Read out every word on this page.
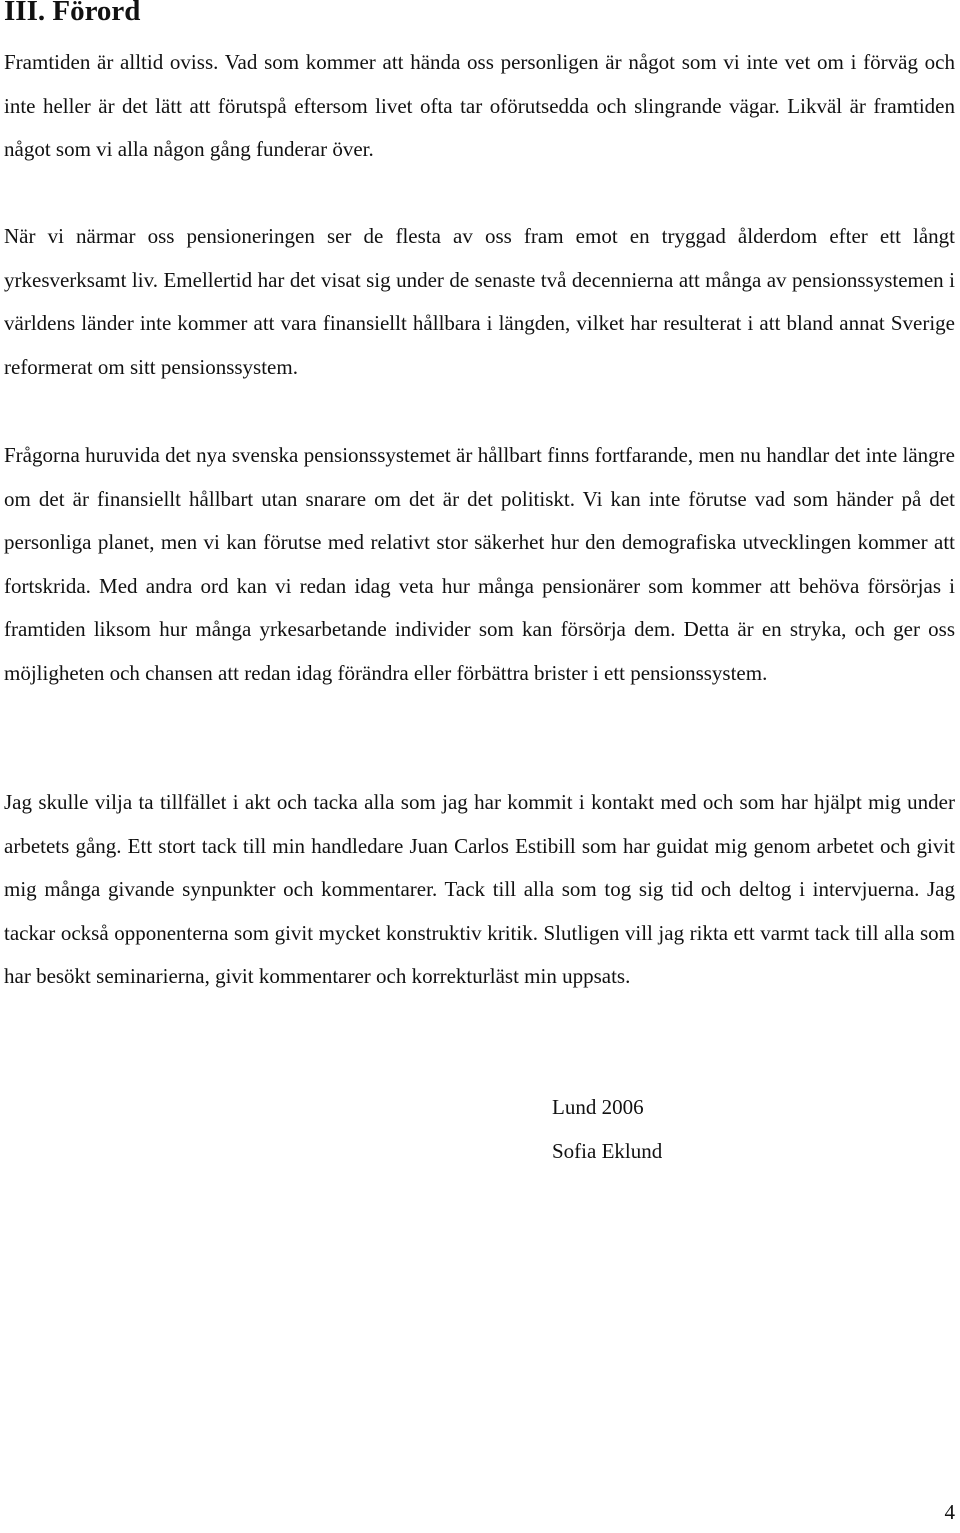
III. Förord

Framtiden är alltid oviss. Vad som kommer att hända oss personligen är något som vi inte vet om i förväg och inte heller är det lätt att förutspå eftersom livet ofta tar oförutsedda och slingrande vägar. Likväl är framtiden något som vi alla någon gång funderar över.

När vi närmar oss pensioneringen ser de flesta av oss fram emot en tryggad ålderdom efter ett långt yrkesverksamt liv. Emellertid har det visat sig under de senaste två decennierna att många av pensionssystemen i världens länder inte kommer att vara finansiellt hållbara i längden, vilket har resulterat i att bland annat Sverige reformerat om sitt pensionssystem.

Frågorna huruvida det nya svenska pensionssystemet är hållbart finns fortfarande, men nu handlar det inte längre om det är finansiellt hållbart utan snarare om det är det politiskt. Vi kan inte förutse vad som händer på det personliga planet, men vi kan förutse med relativt stor säkerhet hur den demografiska utvecklingen kommer att fortskrida. Med andra ord kan vi redan idag veta hur många pensionärer som kommer att behöva försörjas i framtiden liksom hur många yrkesarbetande individer som kan försörja dem. Detta är en stryka, och ger oss möjligheten och chansen att redan idag förändra eller förbättra brister i ett pensionssystem.

Jag skulle vilja ta tillfället i akt och tacka alla som jag har kommit i kontakt med och som har hjälpt mig under arbetets gång. Ett stort tack till min handledare Juan Carlos Estibill som har guidat mig genom arbetet och givit mig många givande synpunkter och kommentarer. Tack till alla som tog sig tid och deltog i intervjuerna. Jag tackar också opponenterna som givit mycket konstruktiv kritik. Slutligen vill jag rikta ett varmt tack till alla som har besökt seminarierna, givit kommentarer och korrekturläst min uppsats.

Lund 2006
Sofia Eklund
4
